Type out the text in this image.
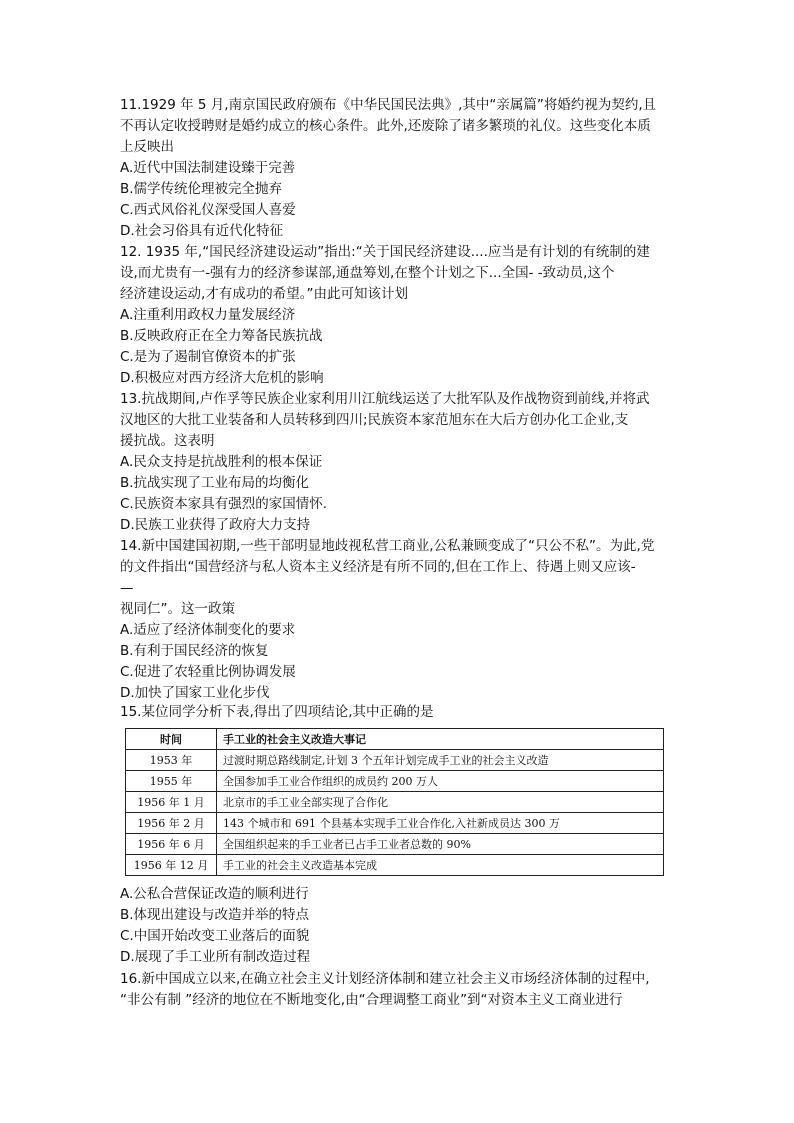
11.1929 年 5 月,南京国民政府颁布《中华民国民法典》,其中“亲属篇”将婚约视为契约,且
不再认定收授聘财是婚约成立的核心条件。此外,还废除了诸多繁琐的礼仪。这些变化本质
上反映出
A.近代中国法制建设臻于完善
B.儒学传统伦理被完全抛弃
C.西式风俗礼仪深受国人喜爱
D.社会习俗具有近代化特征
12. 1935 年,“国民经济建设运动”指出:“关于国民经济建设....应当是有计划的有统制的建
设,而尤贵有一-强有力的经济参谋部,通盘筹划,在整个计划之下...全国- -致动员,这个
经济建设运动,才有成功的希望。”由此可知该计划
A.注重利用政权力量发展经济
B.反映政府正在全力筹备民族抗战
C.是为了遏制官僚资本的扩张
D.积极应对西方经济大危机的影响
13.抗战期间,卢作孚等民族企业家利用川江航线运送了大批军队及作战物资到前线,并将武
汉地区的大批工业装备和人员转移到四川;民族资本家范旭东在大后方创办化工企业,支
援抗战。这表明
A.民众支持是抗战胜利的根本保证
B.抗战实现了工业布局的均衡化
C.民族资本家具有强烈的家国情怀.
D.民族工业获得了政府大力支持
14.新中国建国初期,一些干部明显地歧视私营工商业,公私兼顾变成了“只公不私”。为此,党
的文件指出“国营经济与私人资本主义经济是有所不同的,但在工作上、待遇上则又应该-
—
视同仁”。这一政策
A.适应了经济体制变化的要求
B.有利于国民经济的恢复
C.促进了农轻重比例协调发展
D.加快了国家工业化步伐
15.某位同学分析下表,得出了四项结论,其中正确的是
时间	手工业的社会主义改造大事记
1953 年	过渡时期总路线制定,计划 3 个五年计划完成手工业的社会主义改造
1955 年	全国参加手工业合作组织的成员约 200 万人
1956 年 1 月	北京市的手工业全部实现了合作化
1956 年 2 月	143 个城市和 691 个县基本实现手工业合作化,入社新成员达 300 万
1956 年 6 月	全国组织起来的手工业者已占手工业者总数的 90%
1956 年 12 月	手工业的社会主义改造基本完成
A.公私合营保证改造的顺利进行
B.体现出建设与改造并举的特点
C.中国开始改变工业落后的面貌
D.展现了手工业所有制改造过程
16.新中国成立以来,在确立社会主义计划经济体制和建立社会主义市场经济体制的过程中,
“非公有制 ”经济的地位在不断地变化,由“合理调整工商业”到“对资本主义工商业进行
